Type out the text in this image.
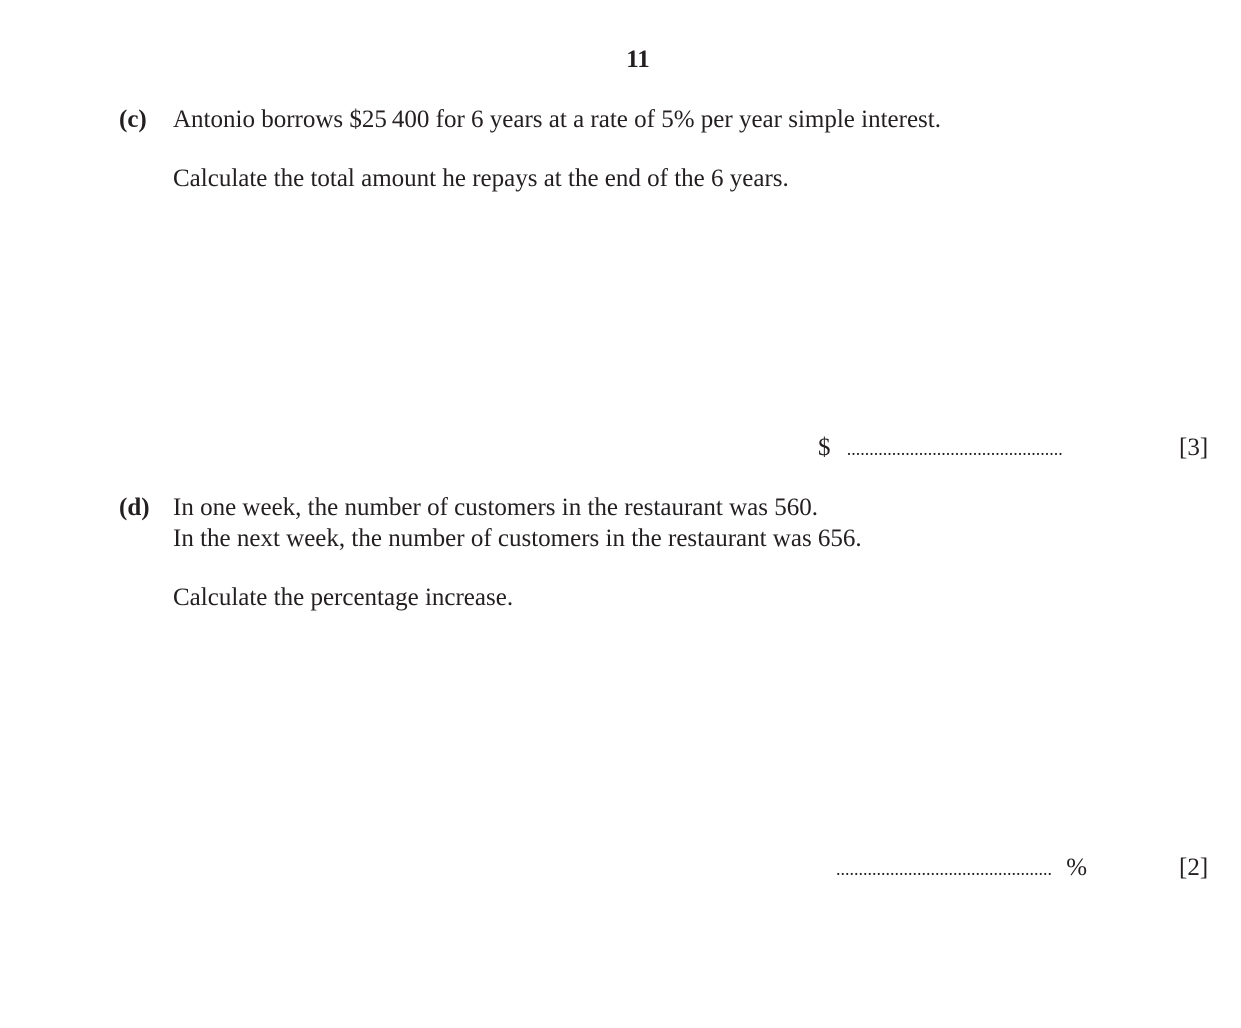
11
(c) Antonio borrows $25 400 for 6 years at a rate of 5% per year simple interest.
Calculate the total amount he repays at the end of the 6 years.
$ ................................................	[3]
(d) In one week, the number of customers in the restaurant was 560.
In the next week, the number of customers in the restaurant was 656.
Calculate the percentage increase.
................................................ %	[2]
